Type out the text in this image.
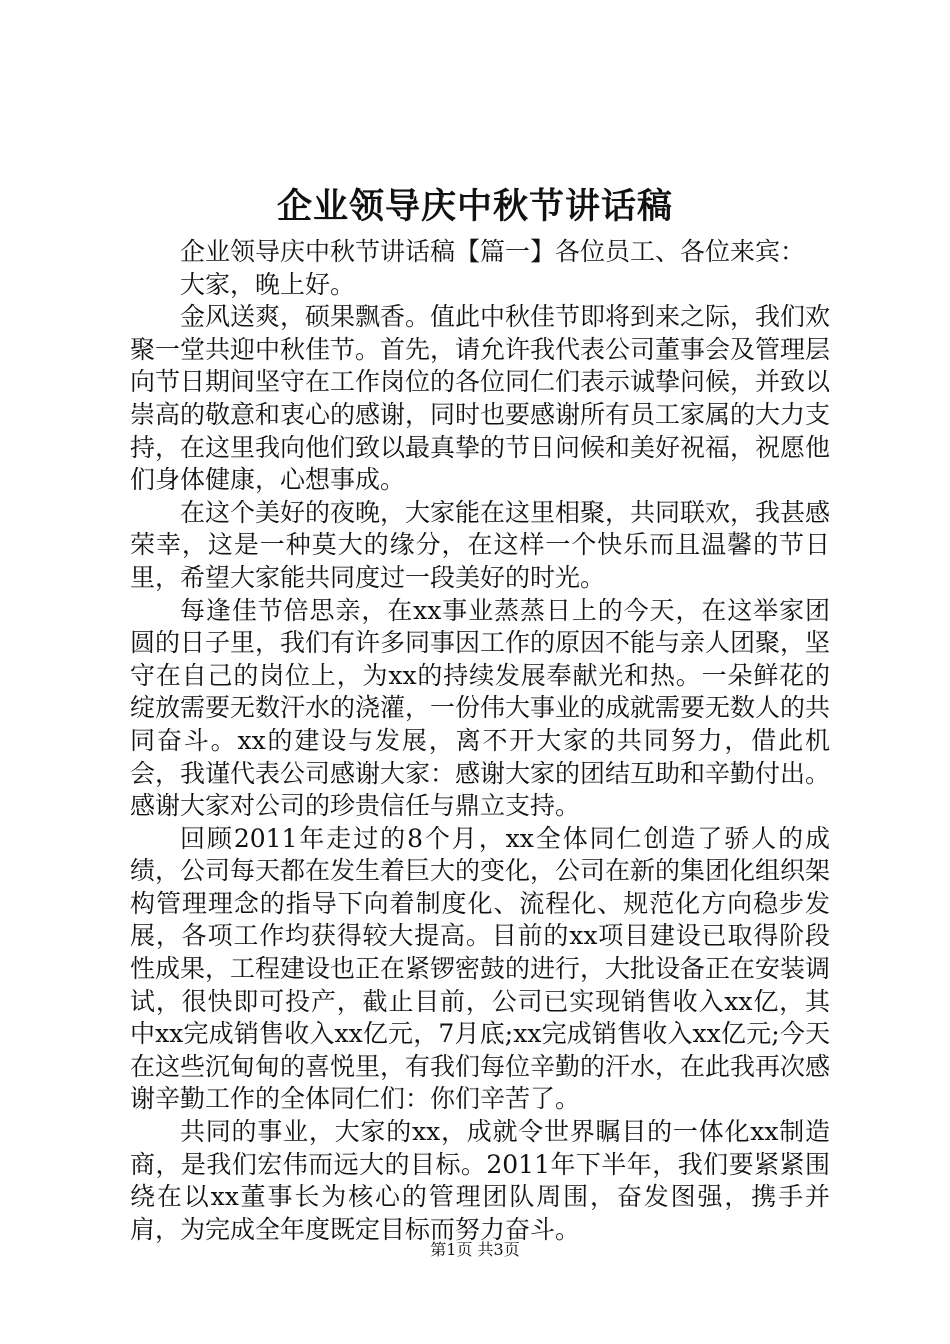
企业领导庆中秋节讲话稿

企业领导庆中秋节讲话稿【篇一】各位员工、各位来宾：

大家，晚上好。

金风送爽，硕果飘香。值此中秋佳节即将到来之际，我们欢聚一堂共迎中秋佳节。首先，请允许我代表公司董事会及管理层向节日期间坚守在工作岗位的各位同仁们表示诚挚问候，并致以崇高的敬意和衷心的感谢，同时也要感谢所有员工家属的大力支持，在这里我向他们致以最真挚的节日问候和美好祝福，祝愿他们身体健康，心想事成。

在这个美好的夜晚，大家能在这里相聚，共同联欢，我甚感荣幸，这是一种莫大的缘分，在这样一个快乐而且温馨的节日里，希望大家能共同度过一段美好的时光。

每逢佳节倍思亲，在xx事业蒸蒸日上的今天，在这举家团圆的日子里，我们有许多同事因工作的原因不能与亲人团聚，坚守在自己的岗位上，为xx的持续发展奉献光和热。一朵鲜花的绽放需要无数汗水的浇灌，一份伟大事业的成就需要无数人的共同奋斗。xx的建设与发展，离不开大家的共同努力，借此机会，我谨代表公司感谢大家：感谢大家的团结互助和辛勤付出。感谢大家对公司的珍贵信任与鼎立支持。

回顾2011年走过的8个月，xx全体同仁创造了骄人的成绩，公司每天都在发生着巨大的变化，公司在新的集团化组织架构管理理念的指导下向着制度化、流程化、规范化方向稳步发展，各项工作均获得较大提高。目前的xx项目建设已取得阶段性成果，工程建设也正在紧锣密鼓的进行，大批设备正在安装调试，很快即可投产，截止目前，公司已实现销售收入xx亿，其中xx完成销售收入xx亿元，7月底;xx完成销售收入xx亿元;今天在这些沉甸甸的喜悦里，有我们每位辛勤的汗水，在此我再次感谢辛勤工作的全体同仁们：你们辛苦了。

共同的事业，大家的xx，成就令世界瞩目的一体化xx制造商，是我们宏伟而远大的目标。2011年下半年，我们要紧紧围绕在以xx董事长为核心的管理团队周围，奋发图强，携手并肩，为完成全年度既定目标而努力奋斗。

第1页 共3页
